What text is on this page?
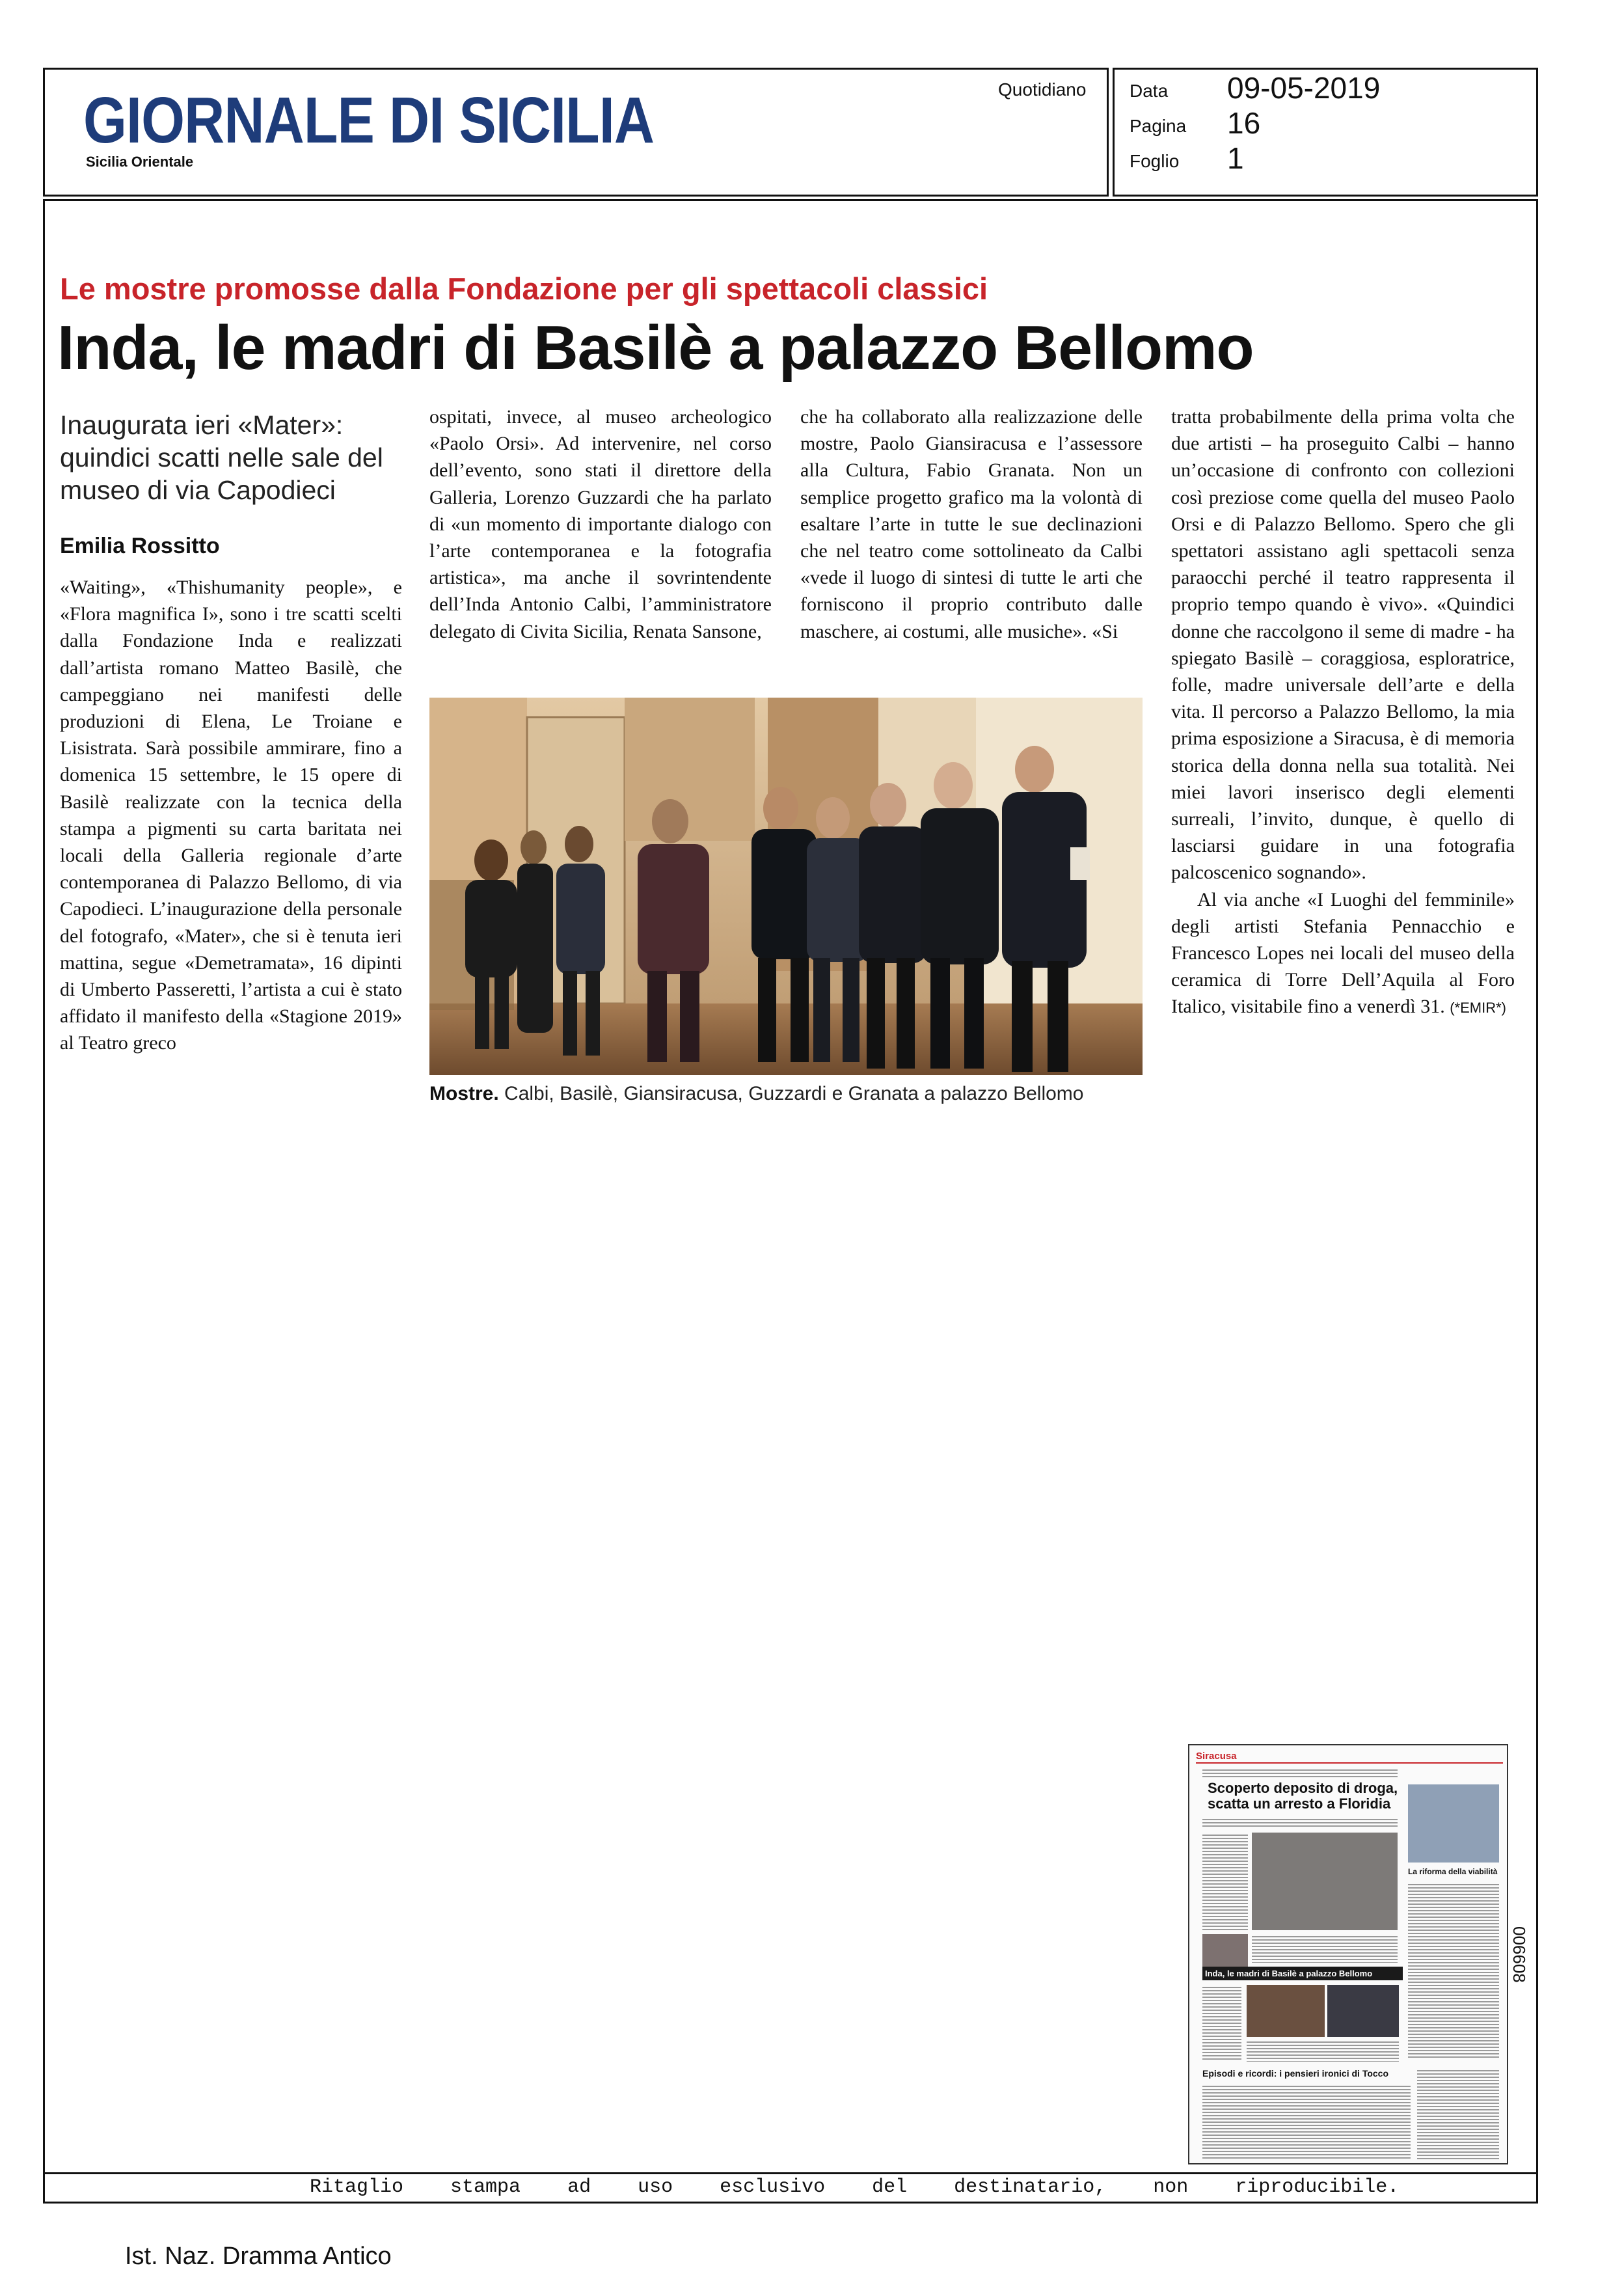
GIORNALE DI SICILIA
Sicilia Orientale
Quotidiano Data 09-05-2019
Pagina 16
Foglio 1
Le mostre promosse dalla Fondazione per gli spettacoli classici
Inda, le madri di Basilè a palazzo Bellomo
Inaugurata ieri «Mater»: quindici scatti nelle sale del museo di via Capodieci
Emilia Rossitto

«Waiting», «Thishumanity people», e «Flora magnifica I», sono i tre scatti scelti dalla Fondazione Inda e realizzati dall’artista romano Matteo Basilè, che campeggiano nei manifesti delle produzioni di Elena, Le Troiane e Lisistrata. Sarà possibile ammirare, fino a domenica 15 settembre, le 15 opere di Basilè realizzate con la tecnica della stampa a pigmenti su carta baritata nei locali della Galleria regionale d’arte contemporanea di Palazzo Bellomo, di via Capodieci. L’inaugurazione della personale del fotografo, «Mater», che si è tenuta ieri mattina, segue «Demetramata», 16 dipinti di Umberto Passeretti, l’artista a cui è stato affidato il manifesto della «Stagione 2019» al Teatro greco

ospitati, invece, al museo archeologico «Paolo Orsi». Ad intervenire, nel corso dell’evento, sono stati il direttore della Galleria, Lorenzo Guzzardi che ha parlato di «un momento di importante dialogo con l’arte contemporanea e la fotografia artistica», ma anche il sovrintendente dell’Inda Antonio Calbi, l’amministratore delegato di Civita Sicilia, Renata Sansone,

che ha collaborato alla realizzazione delle mostre, Paolo Giansiracusa e l’assessore alla Cultura, Fabio Granata. Non un semplice progetto grafico ma la volontà di esaltare l’arte in tutte le sue declinazioni che nel teatro come sottolineato da Calbi «vede il luogo di sintesi di tutte le arti che forniscono il proprio contributo dalle maschere, ai costumi, alle musiche». «Si

tratta probabilmente della prima volta che due artisti – ha proseguito Calbi – hanno un’occasione di confronto con collezioni così preziose come quella del museo Paolo Orsi e di Palazzo Bellomo. Spero che gli spettatori assistano agli spettacoli senza paraocchi perché il teatro rappresenta il proprio tempo quando è vivo». «Quindici donne che raccolgono il seme di madre - ha spiegato Basilè – coraggiosa, esploratrice, folle, madre universale dell’arte e della vita. Il percorso a Palazzo Bellomo, la mia prima esposizione a Siracusa, è di memoria storica della donna nella sua totalità. Nei miei lavori inserisco degli elementi surreali, l’invito, dunque, è quello di lasciarsi guidare in una fotografia palcoscenico sognando».

Al via anche «I Luoghi del femminile» degli artisti Stefania Pennacchio e Francesco Lopes nei locali del museo della ceramica di Torre Dell’Aquila al Foro Italico, visitabile fino a venerdì 31. (*EMIR*)

Mostre. Calbi, Basilè, Giansiracusa, Guzzardi e Granata a palazzo Bellomo
Siracusa
Scoperto deposito di droga, scatta un arresto a Floridia
La riforma della viabilità
Inda, le madri di Basilè a palazzo Bellomo
Episodi e ricordi: i pensieri ironici di Tocco
006608
Ritaglio    stampa    ad    uso    esclusivo    del    destinatario,    non    riproducibile.
Ist. Naz. Dramma Antico
